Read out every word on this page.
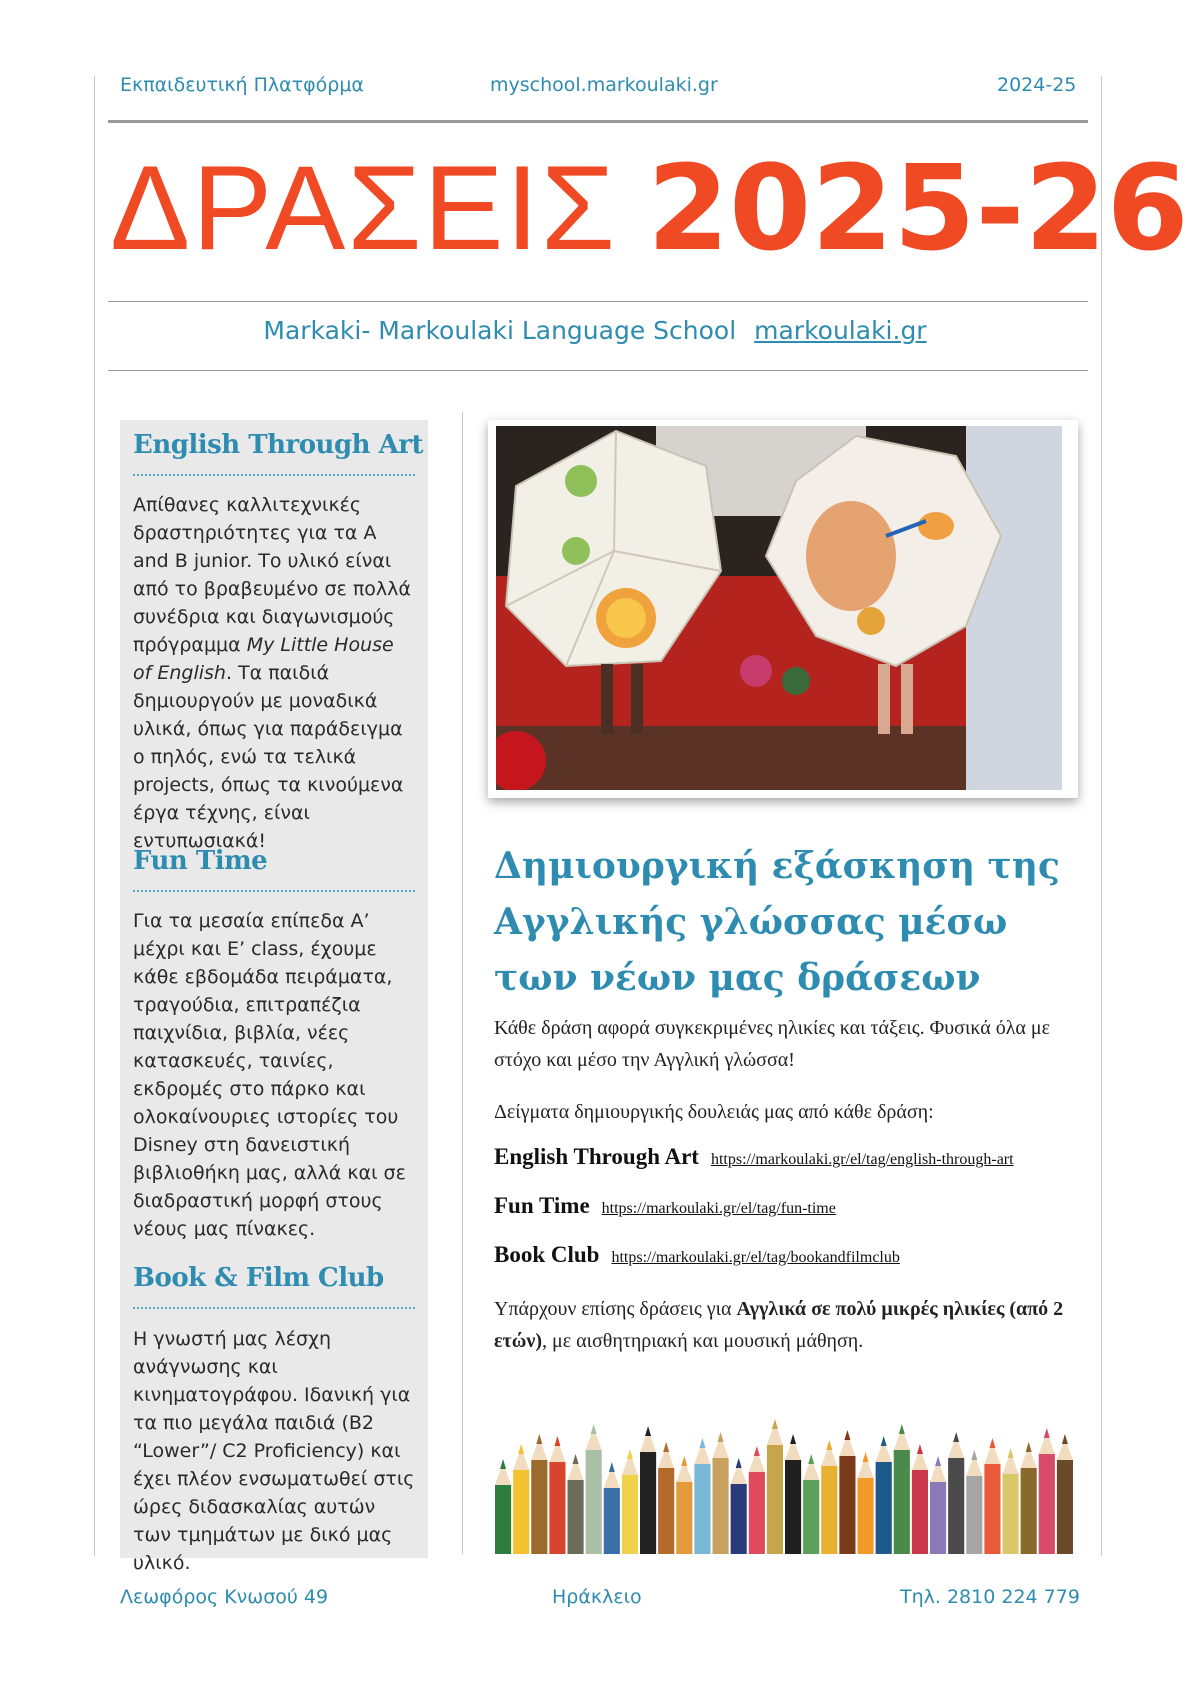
Εκπαιδευτική Πλατφόρμα	myschool.markoulaki.gr	2024-25
ΔΡΑΣΕΙΣ 2025-26
Markaki- Markoulaki Language School markoulaki.gr
English Through Art
Απίθανες καλλιτεχνικές δραστηριότητες για τα A and B junior. Το υλικό είναι από το βραβευμένο σε πολλά συνέδρια και διαγωνισμούς πρόγραμμα My Little House of English. Τα παιδιά δημιουργούν με μοναδικά υλικά, όπως για παράδειγμα ο πηλός, ενώ τα τελικά projects, όπως τα κινούμενα έργα τέχνης, είναι εντυπωσιακά!
Fun Time
Για τα μεσαία επίπεδα A’ μέχρι και E’ class, έχουμε κάθε εβδομάδα πειράματα, τραγούδια, επιτραπέζια παιχνίδια, βιβλία, νέες κατασκευές, ταινίες, εκδρομές στο πάρκο και ολοκαίνουριες ιστορίες του Disney στη δανειστική βιβλιοθήκη μας, αλλά και σε διαδραστική μορφή στους νέους μας πίνακες.
Book & Film Club
Η γνωστή μας λέσχη ανάγνωσης και κινηματογράφου. Ιδανική για τα πιο μεγάλα παιδιά (B2 “Lower”/ C2 Proficiency) και έχει πλέον ενσωματωθεί στις ώρες διδασκαλίας αυτών των τμημάτων με δικό μας υλικό.
Δημιουργική εξάσκηση της Αγγλικής γλώσσας μέσω των νέων μας δράσεων
Κάθε δράση αφορά συγκεκριμένες ηλικίες και τάξεις. Φυσικά όλα με στόχο και μέσο την Αγγλική γλώσσα!
Δείγματα δημιουργικής δουλειάς μας από κάθε δράση:
English Through Art https://markoulaki.gr/el/tag/english-through-art
Fun Time https://markoulaki.gr/el/tag/fun-time
Book Club https://markoulaki.gr/el/tag/bookandfilmclub
Υπάρχουν επίσης δράσεις για Αγγλικά σε πολύ μικρές ηλικίες (από 2 ετών), με αισθητηριακή και μουσική μάθηση.
Λεωφόρος Κνωσού 49	Ηράκλειο	Τηλ. 2810 224 779
